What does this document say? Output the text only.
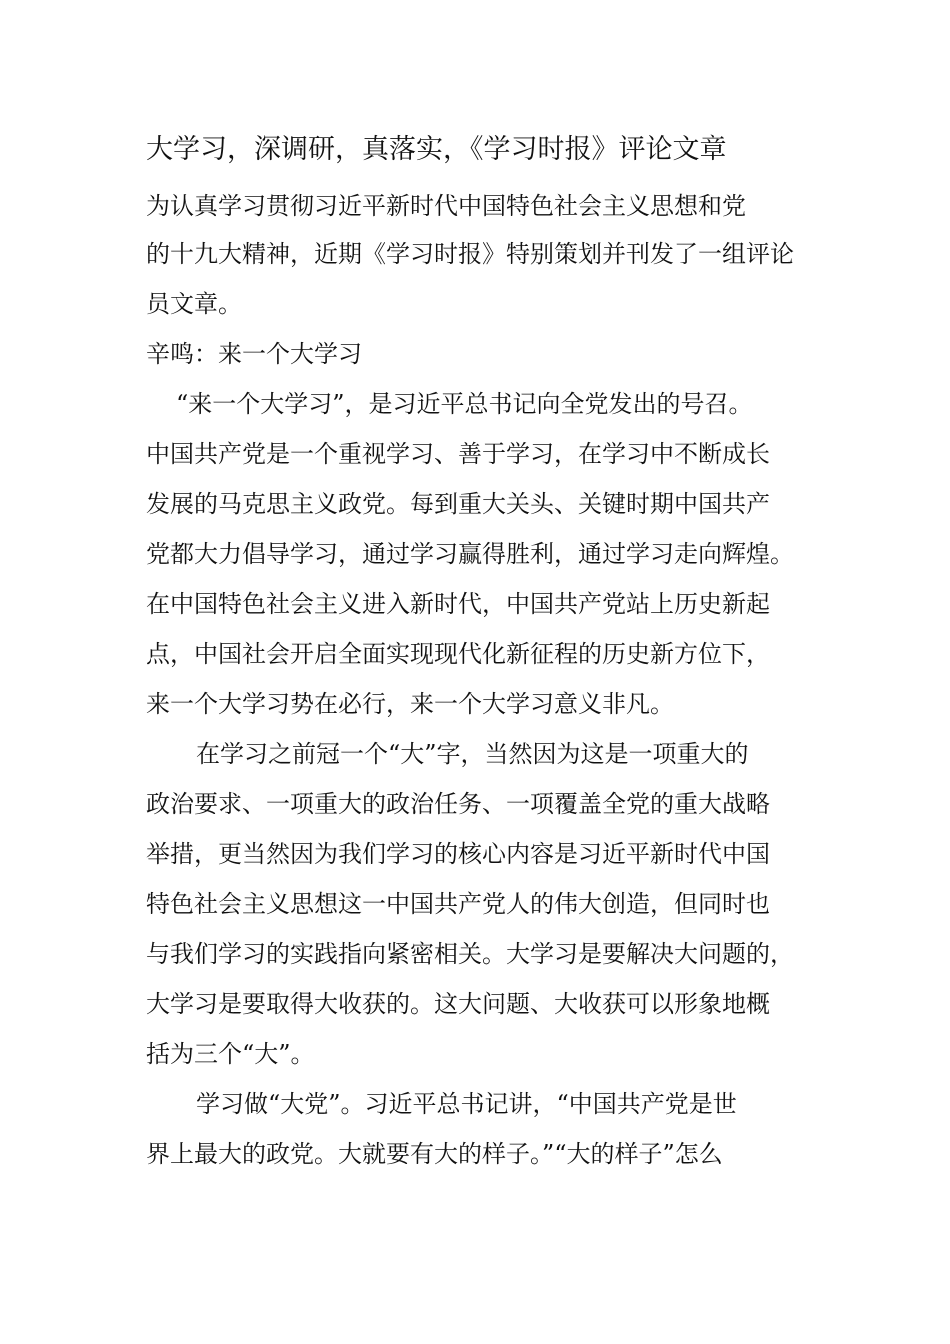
大学习，深调研，真落实，《学习时报》评论文章
为认真学习贯彻习近平新时代中国特色社会主义思想和党
的十九大精神，近期《学习时报》特别策划并刊发了一组评论
员文章。
辛鸣：来一个大学习
“来一个大学习”，是习近平总书记向全党发出的号召。
中国共产党是一个重视学习、善于学习，在学习中不断成长
发展的马克思主义政党。每到重大关头、关键时期中国共产
党都大力倡导学习，通过学习赢得胜利，通过学习走向辉煌。
在中国特色社会主义进入新时代，中国共产党站上历史新起
点，中国社会开启全面实现现代化新征程的历史新方位下，
来一个大学习势在必行，来一个大学习意义非凡。
在学习之前冠一个“大”字，当然因为这是一项重大的
政治要求、一项重大的政治任务、一项覆盖全党的重大战略
举措，更当然因为我们学习的核心内容是习近平新时代中国
特色社会主义思想这一中国共产党人的伟大创造，但同时也
与我们学习的实践指向紧密相关。大学习是要解决大问题的，
大学习是要取得大收获的。这大问题、大收获可以形象地概
括为三个“大”。
学习做“大党”。习近平总书记讲，“中国共产党是世
界上最大的政党。大就要有大的样子。”“大的样子”怎么
